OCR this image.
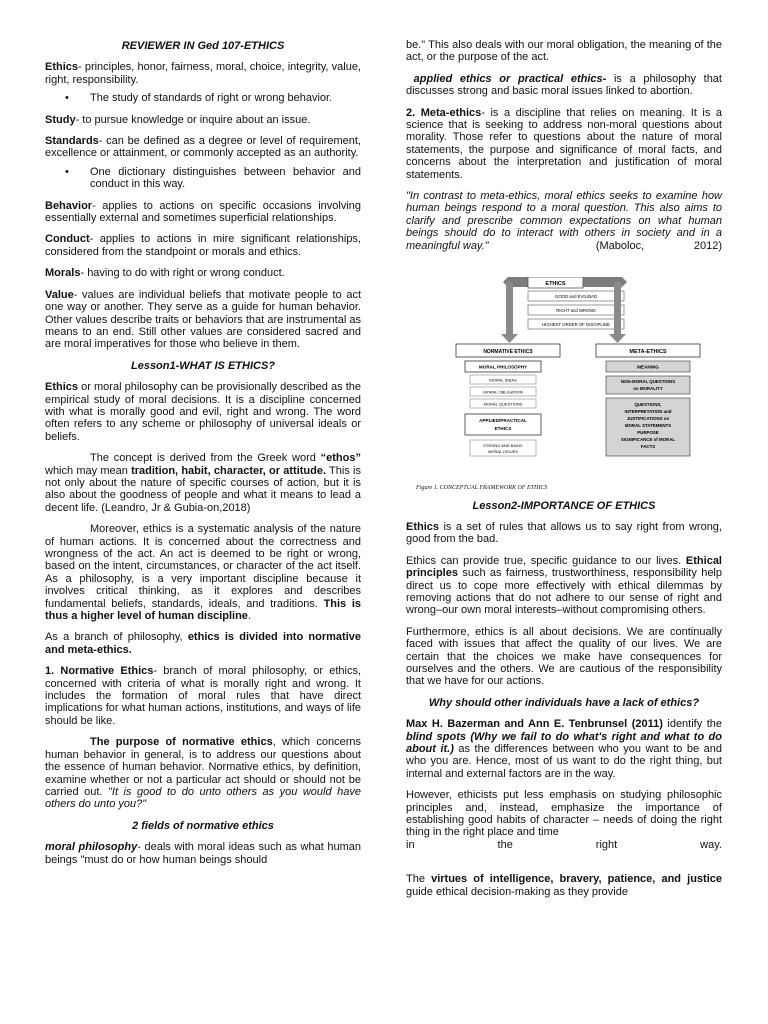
REVIEWER IN Ged 107-ETHICS

Ethics- principles, honor, fairness, moral, choice, integrity, value, right, responsibility.

• The study of standards of right or wrong behavior.

Study- to pursue knowledge or inquire about an issue.

Standards- can be defined as a degree or level of requirement, excellence or attainment, or commonly accepted as an authority.

• One dictionary distinguishes between behavior and conduct in this way.

Behavior- applies to actions on specific occasions involving essentially external and sometimes superficial relationships.

Conduct- applies to actions in mire significant relationships, considered from the standpoint or morals and ethics.

Morals- having to do with right or wrong conduct.

Value- values are individual beliefs that motivate people to act one way or another. They serve as a guide for human behavior. Other values describe traits or behaviors that are instrumental as means to an end. Still other values are considered sacred and are moral imperatives for those who believe in them.

Lesson1-WHAT IS ETHICS?

Ethics or moral philosophy can be provisionally described as the empirical study of moral decisions. It is a discipline concerned with what is morally good and evil, right and wrong. The word often refers to any scheme or philosophy of universal ideals or beliefs.

The concept is derived from the Greek word “ethos” which may mean tradition, habit, character, or attitude. This is not only about the nature of specific courses of action, but it is also about the goodness of people and what it means to lead a decent life. (Leandro, Jr & Gubia-on,2018)

Moreover, ethics is a systematic analysis of the nature of human actions. It is concerned about the correctness and wrongness of the act. An act is deemed to be right or wrong, based on the intent, circumstances, or character of the act itself. As a philosophy, is a very important discipline because it involves critical thinking, as it explores and describes fundamental beliefs, standards, ideals, and traditions. This is thus a higher level of human discipline.

As a branch of philosophy, ethics is divided into normative and meta-ethics.

1. Normative Ethics- branch of moral philosophy, or ethics, concerned with criteria of what is morally right and wrong. It includes the formation of moral rules that have direct implications for what human actions, institutions, and ways of life should be like.

The purpose of normative ethics, which concerns human behavior in general, is to address our questions about the essence of human behavior. Normative ethics, by definition, examine whether or not a particular act should or should not be carried out. "It is good to do unto others as you would have others do unto you?"

2 fields of normative ethics

moral philosophy- deals with moral ideas such as what human beings "must do or how human beings should

be." This also deals with our moral obligation, the meaning of the act, or the purpose of the act.

applied ethics or practical ethics- is a philosophy that discusses strong and basic moral issues linked to abortion.

2. Meta-ethics- is a discipline that relies on meaning. It is a science that is seeking to address non-moral questions about morality. Those refer to questions about the nature of moral statements, the purpose and significance of moral facts, and concerns about the interpretation and justification of moral statements.

"In contrast to meta-ethics, moral ethics seeks to examine how human beings respond to a moral question. This also aims to clarify and prescribe common expectations on what human beings should do to interact with others in society and in a meaningful way."	(Maboloc,	2012)

ETHICS
GOOD and EVIL/BAD
RIGHT and WRONG
HIGHEST ORDER OF DISCIPLINE
NORMATIVE ETHICS	META-ETHICS
MORAL PHILOSOPHY
MORAL IDEAS
MORAL OBLIGATION
MORAL QUESTIONS
APPLIED/PRACTICAL
ETHICS
STRONG AND BASIC
MORAL ISSUES
MEANING
NON-MORAL QUESTIONS
on MORALITY
QUESTIONS,
INTERPRETATION and
JUSTIFICATIONS on
MORAL STATEMENTS
PURPOSE
SIGNIFICANCE of MORAL
FACTS
Figure 1. CONCEPTUAL FRAMEWORK OF ETHICS

Lesson2-IMPORTANCE OF ETHICS

Ethics is a set of rules that allows us to say right from wrong, good from the bad.

Ethics can provide true, specific guidance to our lives. Ethical principles such as fairness, trustworthiness, responsibility help direct us to cope more effectively with ethical dilemmas by removing actions that do not adhere to our sense of right and wrong–our own moral interests–without compromising others.

Furthermore, ethics is all about decisions. We are continually faced with issues that affect the quality of our lives. We are certain that the choices we make have consequences for ourselves and the others. We are cautious of the responsibility that we have for our actions.

Why should other individuals have a lack of ethics?

Max H. Bazerman and Ann E. Tenbrunsel (2011) identify the blind spots (Why we fail to do what's right and what to do about it.) as the differences between who you want to be and who you are. Hence, most of us want to do the right thing, but internal and external factors are in the way.

However, ethicists put less emphasis on studying philosophic principles and, instead, emphasize the importance of establishing good habits of character – needs of doing the right thing in the right place and time

in	the	right	way.

The virtues of intelligence, bravery, patience, and justice guide ethical decision-making as they provide
